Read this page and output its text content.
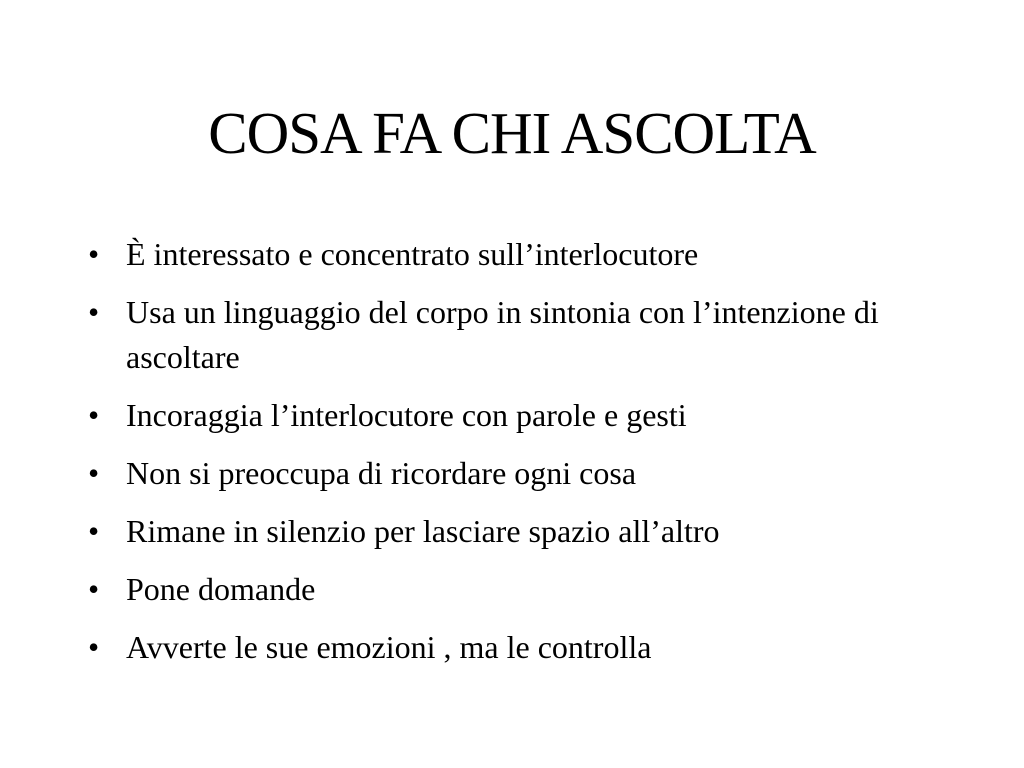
COSA FA CHI ASCOLTA
• È interessato e concentrato sull’interlocutore
• Usa un linguaggio del corpo in sintonia con l’intenzione di ascoltare
• Incoraggia l’interlocutore con parole e gesti
• Non si preoccupa di ricordare ogni cosa
• Rimane in silenzio per lasciare spazio all’altro
• Pone domande
• Avverte le sue emozioni , ma le controlla
